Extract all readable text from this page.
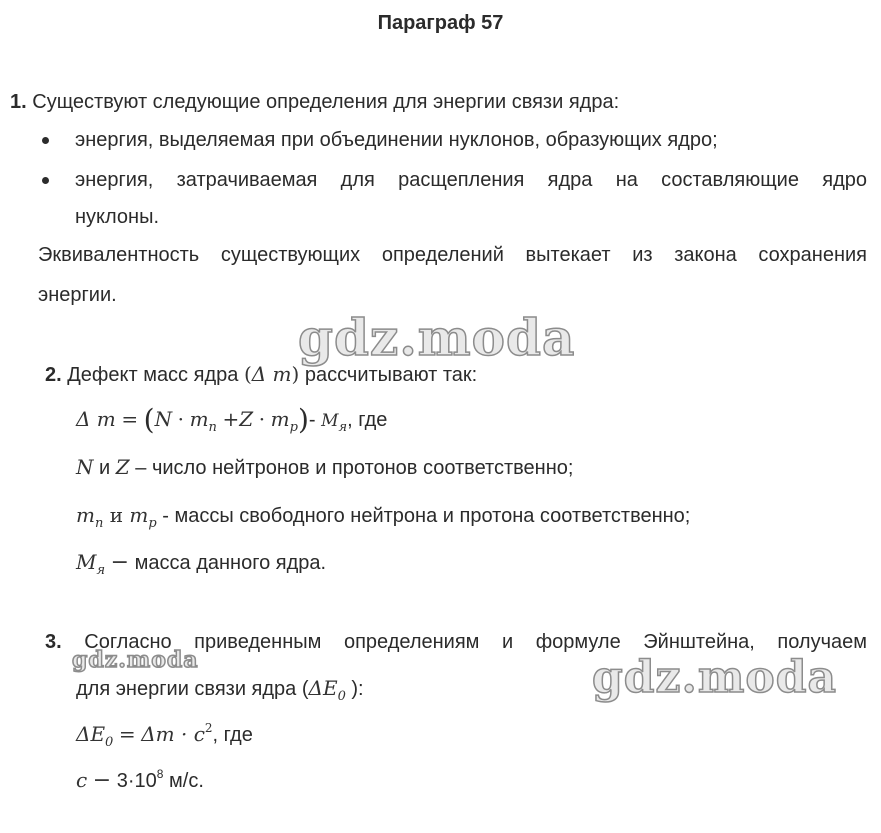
Параграф 57
1. Существуют следующие определения для энергии связи ядра:
энергия, выделяемая при объединении нуклонов, образующих ядро;
энергия, затрачиваемая для расщепления ядра на составляющие ядро
нуклоны.
Эквивалентность существующих определений вытекает из закона сохранения
энергии.
gdz.moda
2. Дефект масс ядра (Δ m) рассчитывают так:
Δ $m = (N \cdot m_n +Z \cdot m_p)-$ $M_я$, где
N и Z – число нейтронов и протонов соответственно;
$m_n$ и $m_p$ - массы свободного нейтрона и протона соответственно;
$M_я$ − масса данного ядра.
3. Согласно приведенным определениям и формуле Эйнштейна, получаем
gdz.moda
для энергии связи ядра ($\Delta E_0$ ):	gdz.moda
$\Delta E_0 = \Delta m \cdot c^2$, где
$c - 3\cdot 10^8$ м/с.
